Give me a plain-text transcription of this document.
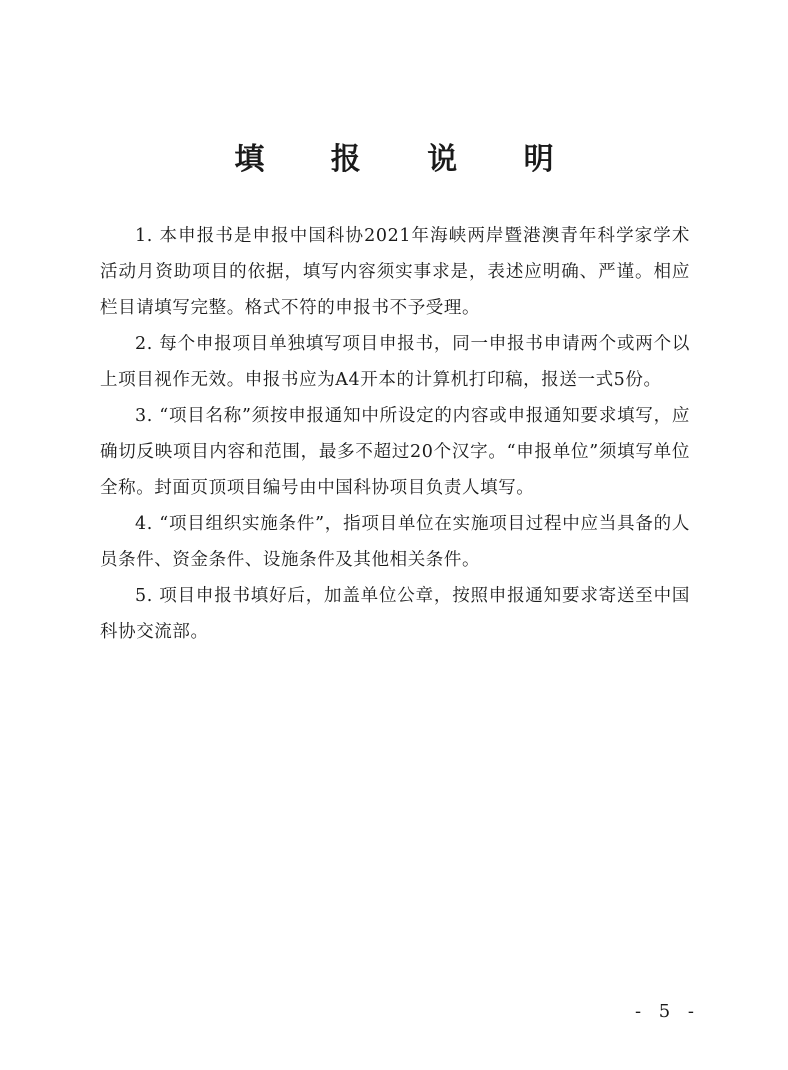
填 报 说 明

1. 本申报书是申报中国科协2021年海峡两岸暨港澳青年科学家学术活动月资助项目的依据，填写内容须实事求是，表述应明确、严谨。相应栏目请填写完整。格式不符的申报书不予受理。

2. 每个申报项目单独填写项目申报书，同一申报书申请两个或两个以上项目视作无效。申报书应为A4开本的计算机打印稿，报送一式5份。

3. “项目名称”须按申报通知中所设定的内容或申报通知要求填写，应确切反映项目内容和范围，最多不超过20个汉字。“申报单位”须填写单位全称。封面页顶项目编号由中国科协项目负责人填写。

4. “项目组织实施条件”，指项目单位在实施项目过程中应当具备的人员条件、资金条件、设施条件及其他相关条件。

5. 项目申报书填好后，加盖单位公章，按照申报通知要求寄送至中国科协交流部。

- 5 -
